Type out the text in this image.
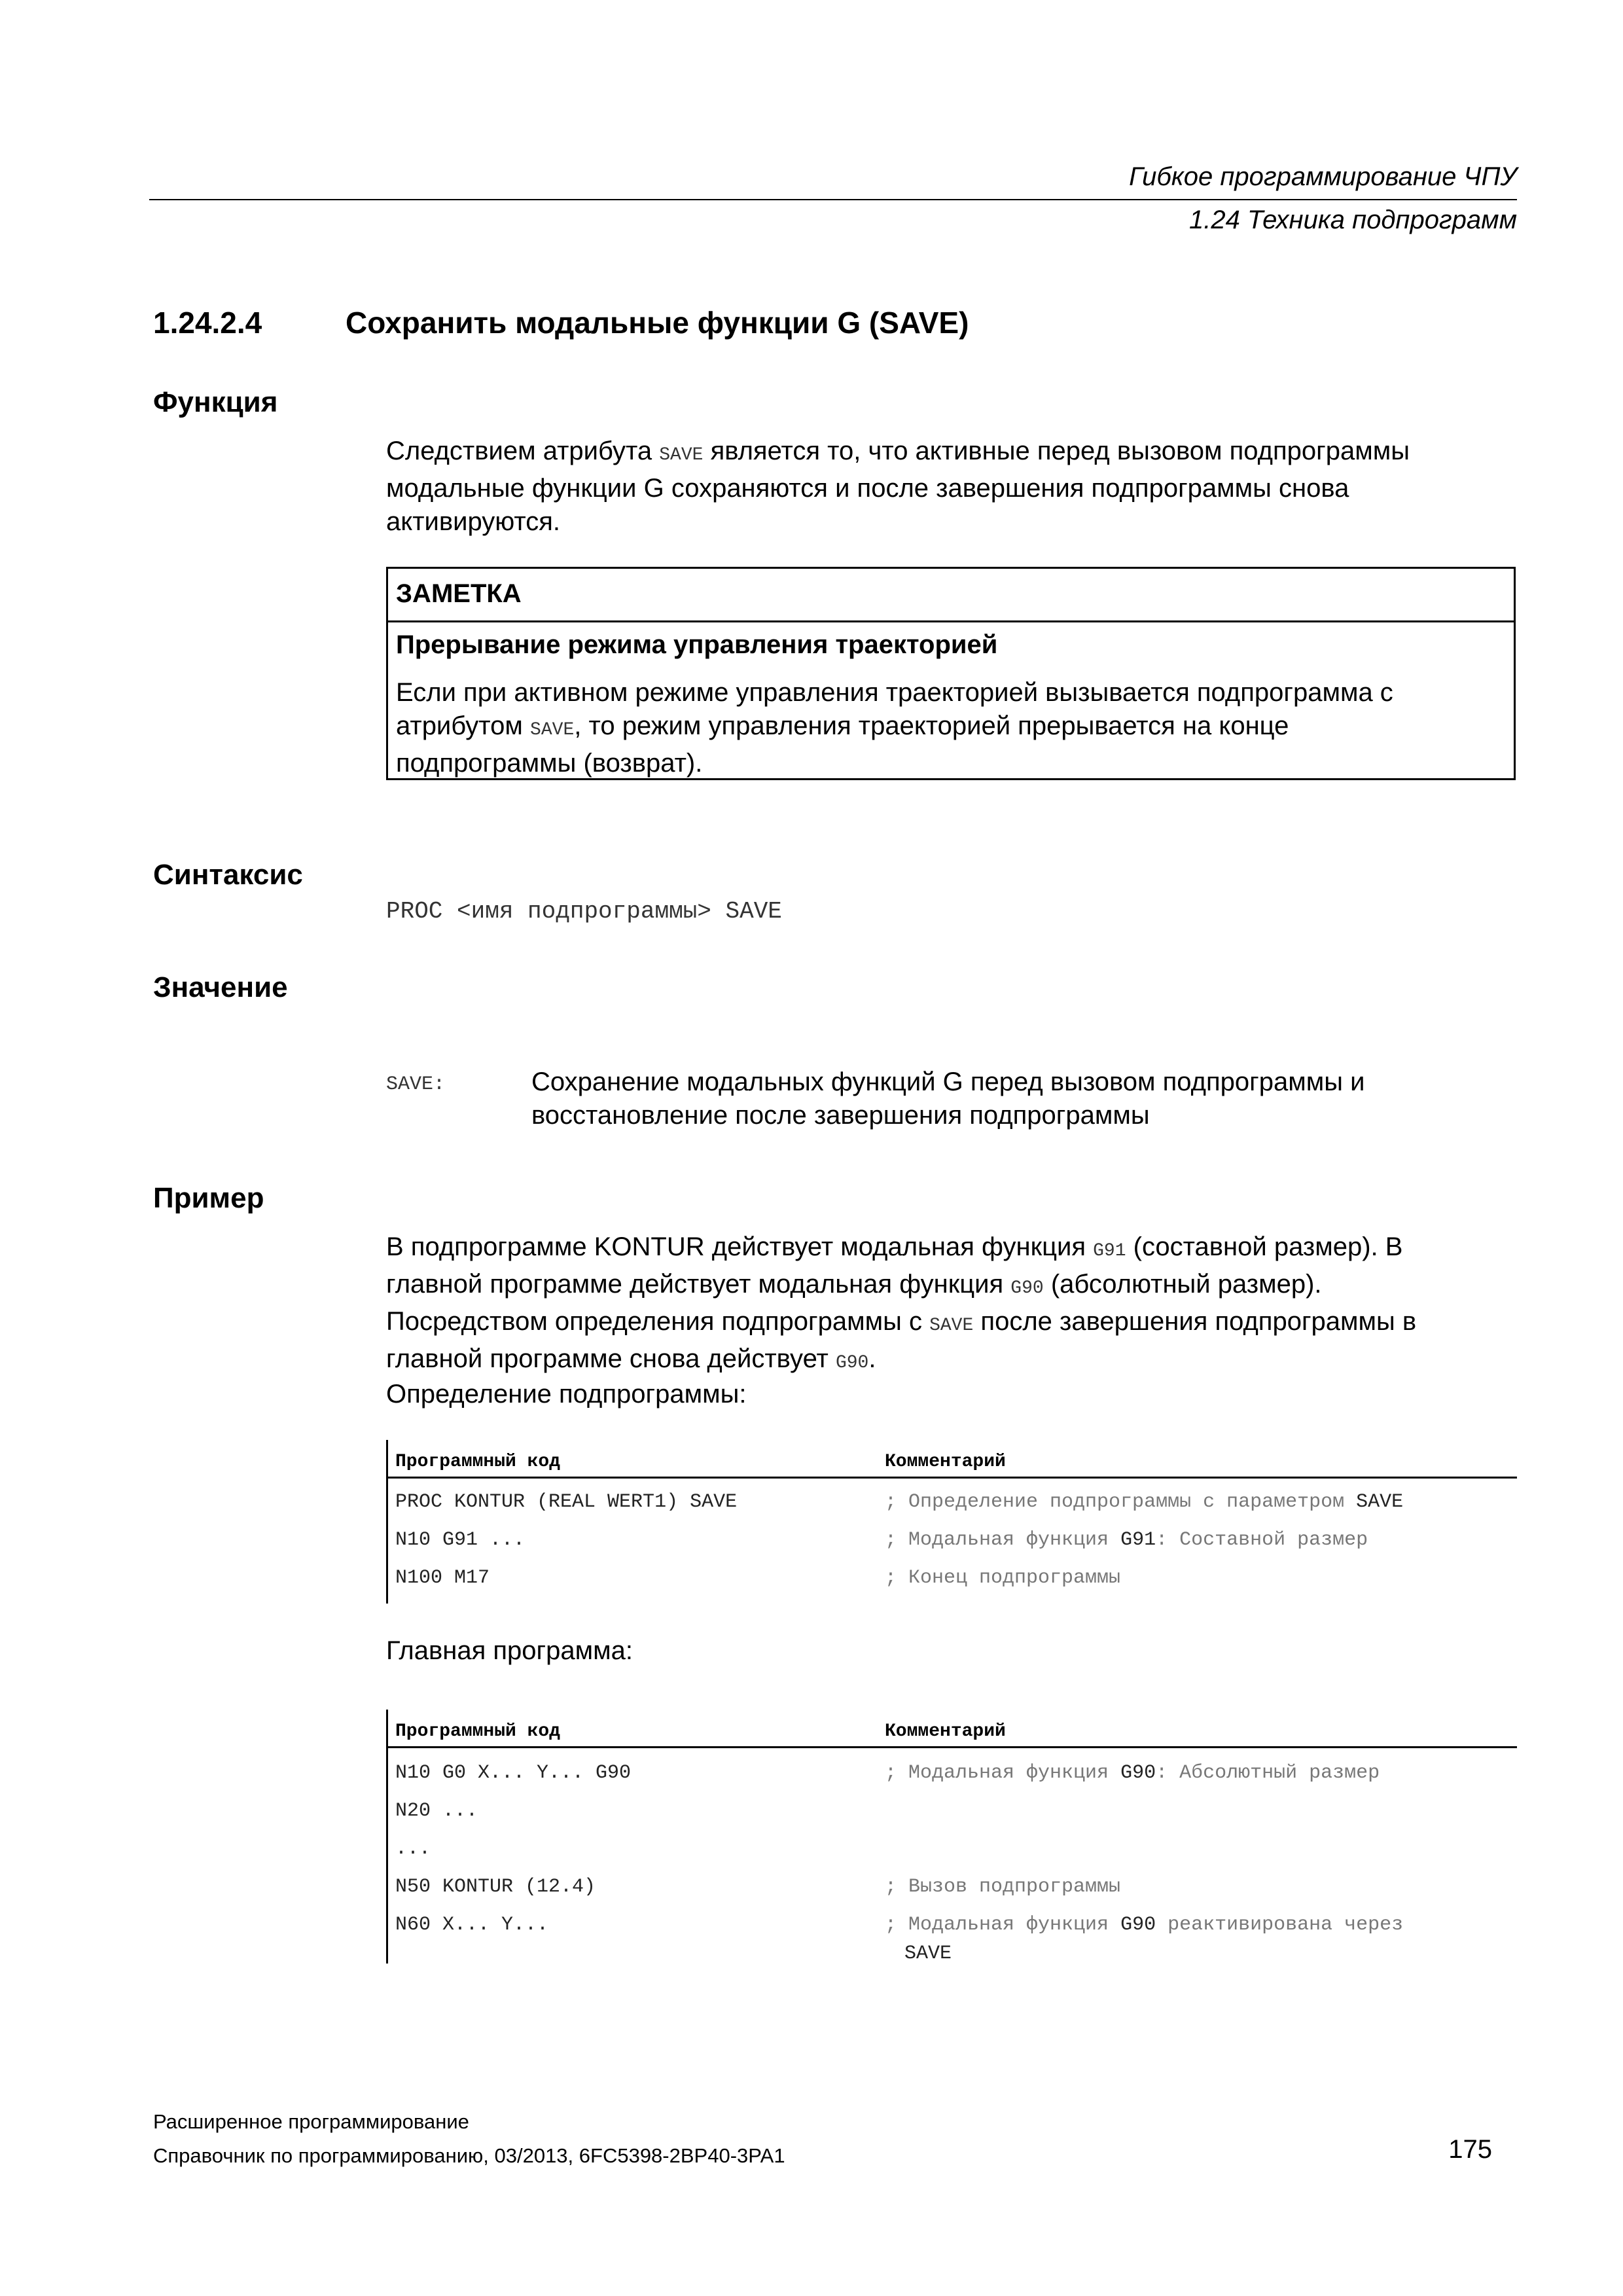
Гибкое программирование ЧПУ
1.24 Техника подпрограмм
1.24.2.4	Сохранить модальные функции G (SAVE)
Функция
Следствием атрибута SAVE является то, что активные перед вызовом подпрограммы
модальные функции G сохраняются и после завершения подпрограммы снова
активируются.
ЗАМЕТКА
Прерывание режима управления траекторией
Если при активном режиме управления траекторией вызывается подпрограмма с
атрибутом SAVE, то режим управления траекторией прерывается на конце
подпрограммы (возврат).
Синтаксис
PROC <имя подпрограммы> SAVE
Значение
SAVE:	Сохранение модальных функций G перед вызовом подпрограммы и
восстановление после завершения подпрограммы
Пример
В подпрограмме KONTUR действует модальная функция G91 (составной размер). В
главной программе действует модальная функция G90 (абсолютный размер).
Посредством определения подпрограммы с SAVE после завершения подпрограммы в
главной программе снова действует G90.
Определение подпрограммы:
Программный код	Комментарий
PROC KONTUR (REAL WERT1) SAVE	; Определение подпрограммы с параметром SAVE
N10 G91 ...	; Модальная функция G91: Составной размер
N100 M17	; Конец подпрограммы
Главная программа:
Программный код	Комментарий
N10 G0 X... Y... G90	; Модальная функция G90: Абсолютный размер
N20 ...
...
N50 KONTUR (12.4)	; Вызов подпрограммы
N60 X... Y...	; Модальная функция G90 реактивирована через
SAVE
Расширенное программирование
Справочник по программированию, 03/2013, 6FC5398-2BP40-3PA1	175
